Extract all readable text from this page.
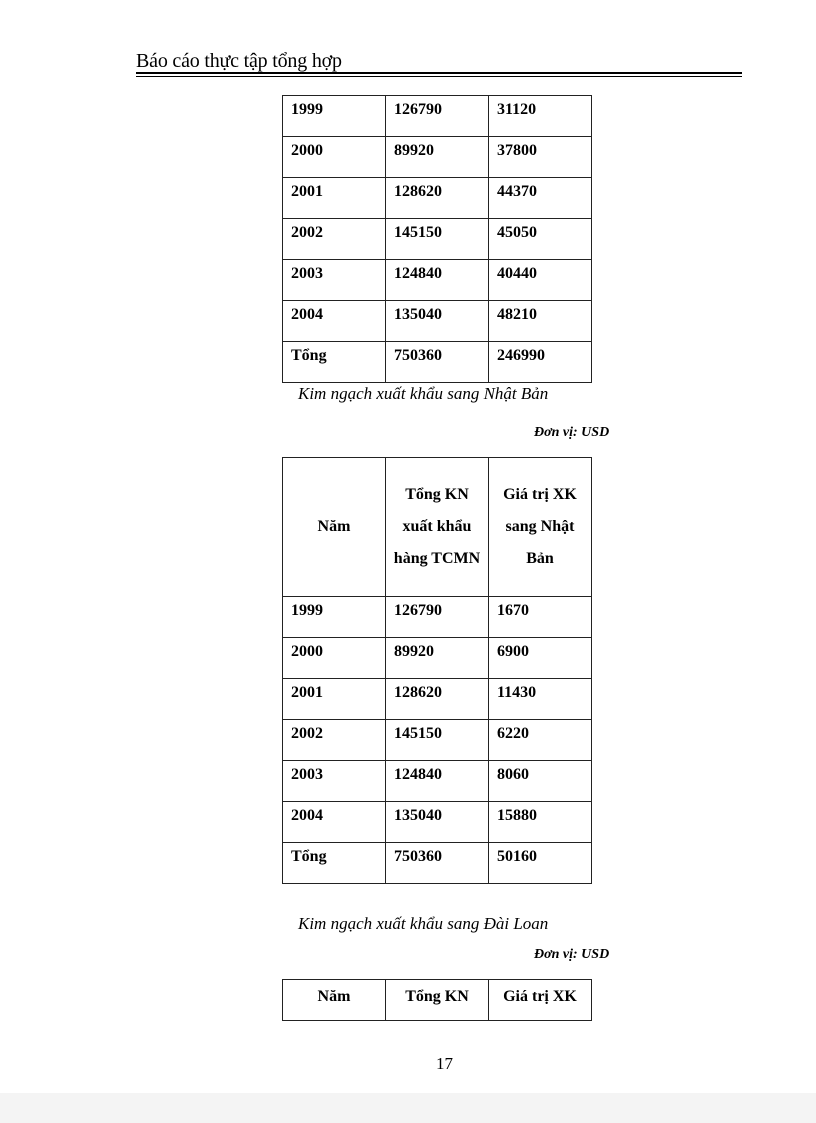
Báo cáo thực tập tổng hợp
1999	126790	31120
2000	89920	37800
2001	128620	44370
2002	145150	45050
2003	124840	40440
2004	135040	48210
Tổng	750360	246990
Kim ngạch xuất khẩu sang Nhật Bản
Đơn vị: USD
Năm	Tổng KN xuất khẩu hàng TCMN	Giá trị XK sang Nhật Bản
1999	126790	1670
2000	89920	6900
2001	128620	11430
2002	145150	6220
2003	124840	8060
2004	135040	15880
Tổng	750360	50160
Kim ngạch xuất khẩu sang Đài Loan
Đơn vị: USD
Năm	Tổng KN	Giá trị XK
17
